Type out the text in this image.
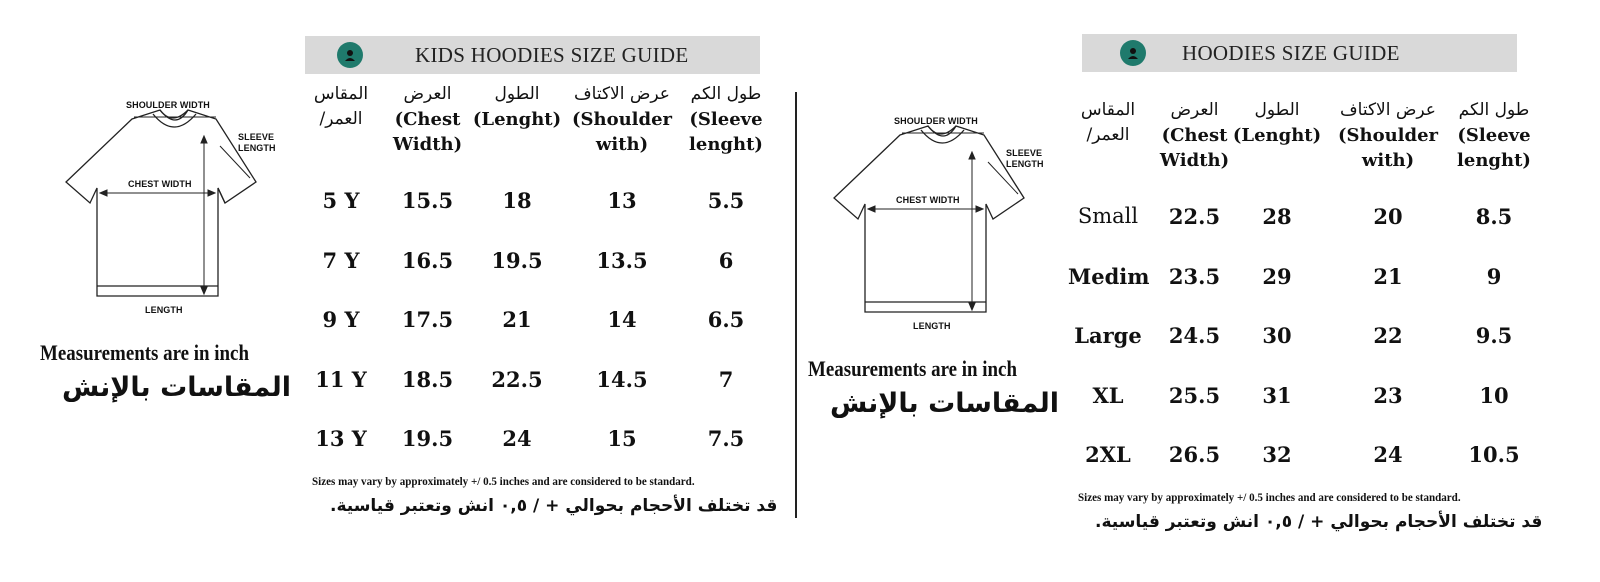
SHOULDER WIDTH
SLEEVE
LENGTH
CHEST WIDTH
LENGTH
Measurements are in inch
المقاسات بالإنش
KIDS HOODIES SIZE GUIDE
المقاس
/العمر
العرض
(Chest
Width)
الطول
(Lenght)
عرض الاكتاف
(Shoulder
with)
طول الكم
(Sleeve
lenght)
5 Y	15.5	18	13	5.5
7 Y	16.5	19.5	13.5	6
9 Y	17.5	21	14	6.5
11 Y	18.5	22.5	14.5	7
13 Y	19.5	24	15	7.5
Sizes may vary by approximately +/ 0.5 inches and are considered to be standard.
قد تختلف الأحجام بحوالي + / ٠,٥ انش وتعتبر قياسية.
SHOULDER WIDTH
SLEEVE
LENGTH
CHEST WIDTH
LENGTH
Measurements are in inch
المقاسات بالإنش
HOODIES SIZE GUIDE
المقاس
/العمر
العرض
(Chest
Width)
الطول
(Lenght)
عرض الاكتاف
(Shoulder
with)
طول الكم
(Sleeve
lenght)
Small	22.5	28	20	8.5
Medim 23.5	29	21	9
Large	24.5	30	22	9.5
XL	25.5	31	23	10
2XL	26.5	32	24	10.5
Sizes may vary by approximately +/ 0.5 inches and are considered to be standard.
قد تختلف الأحجام بحوالي + / ٠,٥ انش وتعتبر قياسية.
